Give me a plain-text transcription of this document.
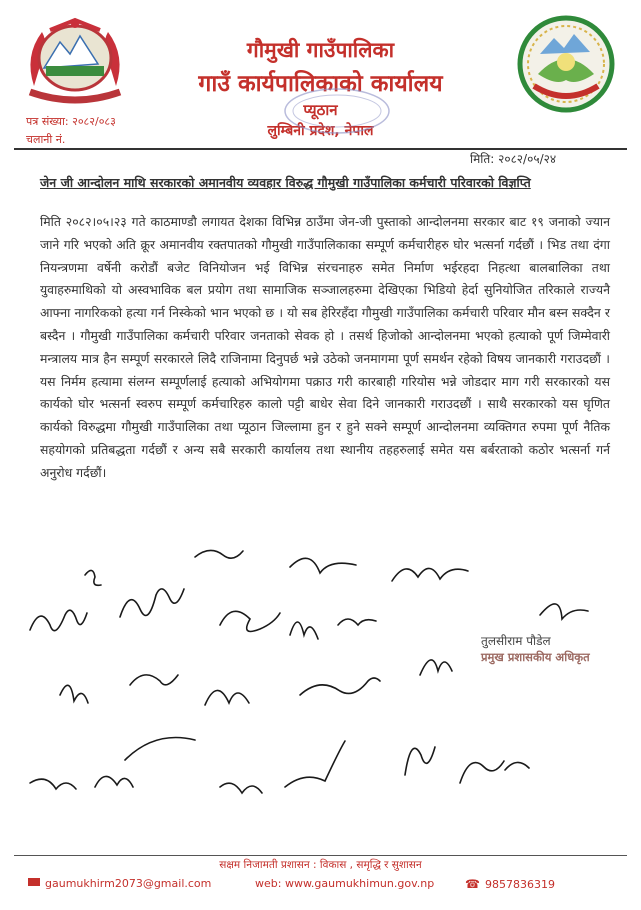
गौमुखी गाउँपालिका
गाउँ कार्यपालिकाको कार्यालय
प्यूठान
लुम्बिनी प्रदेश, नेपाल
पत्र संख्या: २०८२/०८३
चलानी नं.
मिति: २०८२/०५/२४
जेन जी आन्दोलन माथि सरकारको अमानवीय व्यवहार विरुद्ध गौमुखी गाउँपालिका कर्मचारी परिवारको विज्ञप्ति

मिति २०८२।०५।२३ गते काठमाण्डौ लगायत देशका विभिन्न ठाउँमा जेन-जी पुस्ताको आन्दोलनमा सरकार बाट १९ जनाको ज्यान जाने गरि भएको अति क्रूर अमानवीय रक्तपातको गौमुखी गाउँपालिकाका सम्पूर्ण कर्मचारीहरु घोर भत्सर्ना गर्दछौं । भिड तथा दंगा नियन्त्रणमा वर्षेनी करोडौं बजेट विनियोजन भई विभिन्न संरचनाहरु समेत निर्माण भईरहदा निहत्था बालबालिका तथा युवाहरुमाथिको यो अस्वभाविक बल प्रयोग तथा सामाजिक सञ्जालहरुमा देखिएका भिडियो हेर्दा सुनियोजित तरिकाले राज्यनै आफ्ना नागरिकको हत्या गर्न निस्केको भान भएको छ । यो सब हेरिरहँदा गौमुखी गाउँपालिका कर्मचारी परिवार मौन बस्न सक्दैन र बस्दैन । गौमुखी गाउँपालिका कर्मचारी परिवार जनताको सेवक हो । तसर्थ हिजोको आन्दोलनमा भएको हत्याको पूर्ण जिम्मेवारी मन्त्रालय मात्र हैन सम्पूर्ण सरकारले लिदै राजिनामा दिनुपर्छ भन्ने उठेको जनमागमा पूर्ण समर्थन रहेको विषय जानकारी गराउदछौं । यस निर्मम हत्यामा संलग्न सम्पूर्णलाई हत्याको अभियोगमा पक्राउ गरी कारबाही गरियोस भन्ने जोडदार माग गरी सरकारको यस कार्यको घोर भत्सर्ना स्वरुप सम्पूर्ण कर्मचारिहरु कालो पट्टी बाधेर सेवा दिने जानकारी गराउदछौं । साथै सरकारको यस घृणित कार्यको विरुद्धमा गौमुखी गाउँपालिका तथा प्यूठान जिल्लामा हुन र हुने सक्ने सम्पूर्ण आन्दोलनमा व्यक्तिगत रुपमा पूर्ण नैतिक सहयोगको प्रतिबद्धता गर्दछौं र अन्य सबै सरकारी कार्यालय तथा स्थानीय तहहरुलाई समेत यस बर्बरताको कठोर भत्सर्ना गर्न अनुरोध गर्दछौं।

तुलसीराम पौडेल
प्रमुख प्रशासकीय अधिकृत
सक्षम निजामती प्रशासन : विकास , समृद्धि र सुशासन
gaumukhirm2073@gmail.com	web: www.gaumukhimun.gov.np	☎ 9857836319
